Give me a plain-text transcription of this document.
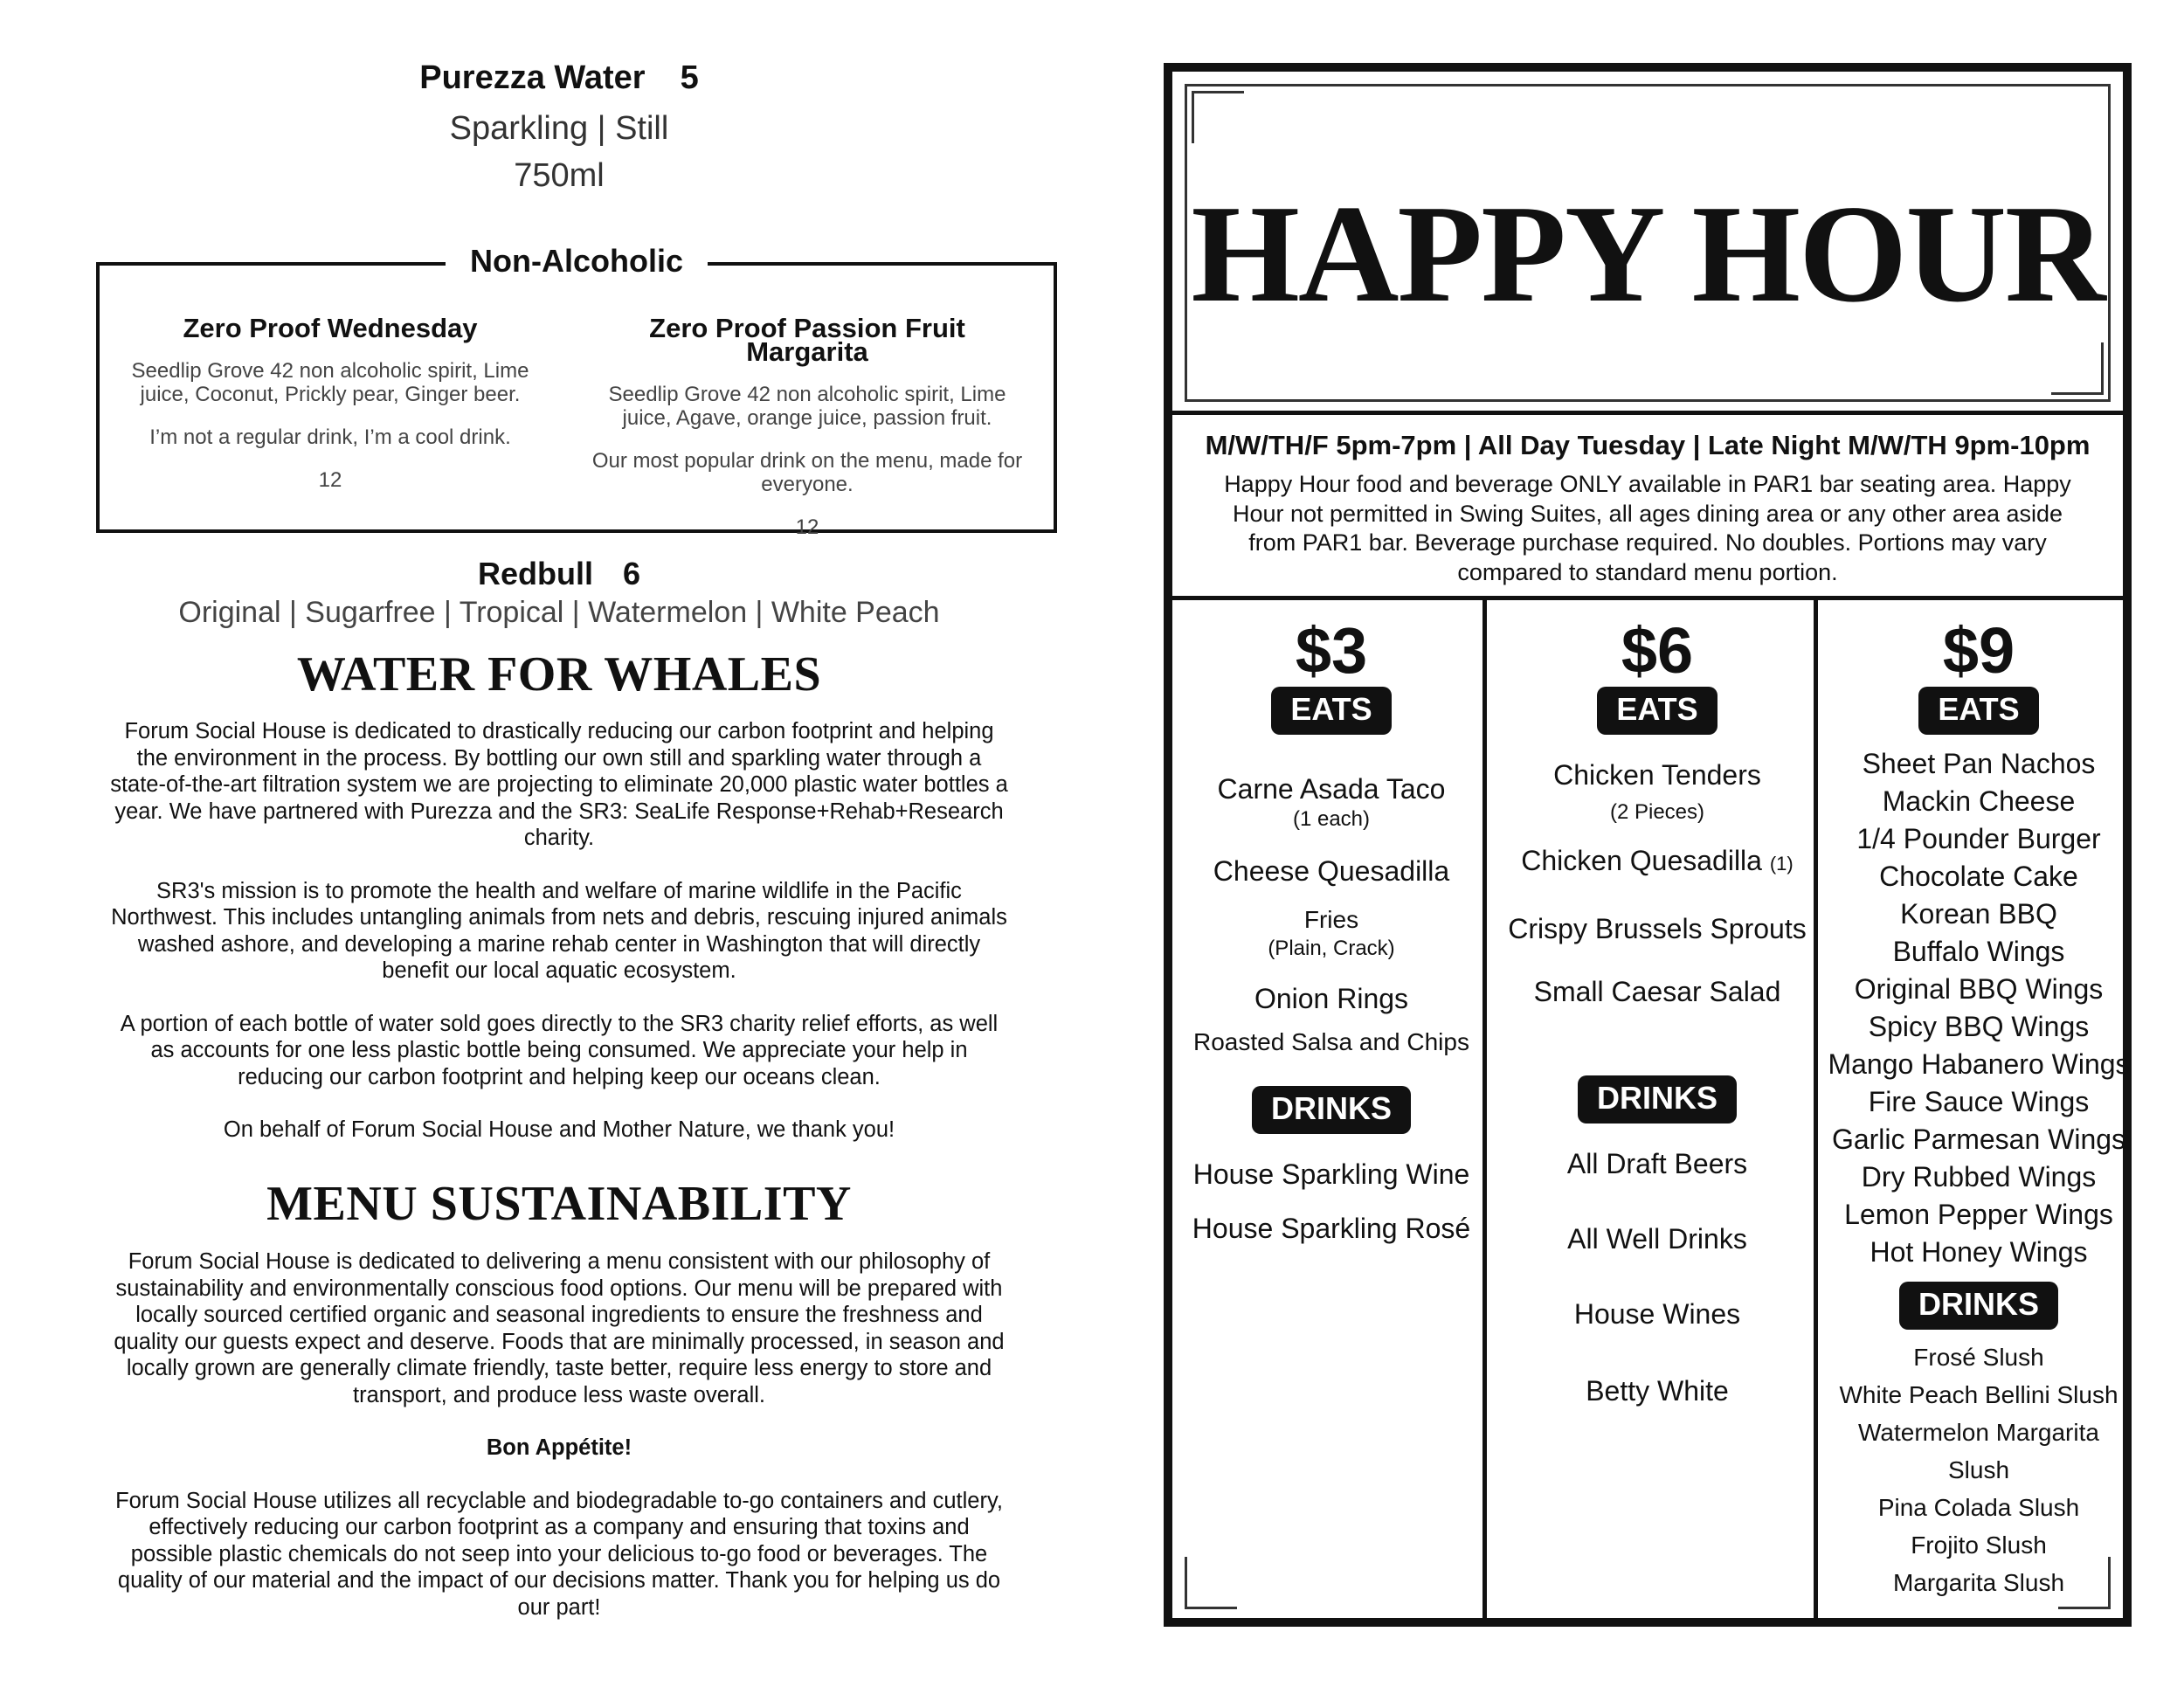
Purezza Water 5
Sparkling | Still
750ml
Non-Alcoholic
Zero Proof Wednesday
Seedlip Grove 42 non alcoholic spirit, Lime juice, Coconut, Prickly pear, Ginger beer.
I’m not a regular drink, I’m a cool drink.
12
Zero Proof Passion Fruit Margarita
Seedlip Grove 42 non alcoholic spirit, Lime juice, Agave, orange juice, passion fruit.
Our most popular drink on the menu, made for everyone.
12
Redbull 6
Original | Sugarfree | Tropical | Watermelon | White Peach
WATER FOR WHALES

Forum Social House is dedicated to drastically reducing our carbon footprint and helping the environment in the process. By bottling our own still and sparkling water through a state-of-the-art filtration system we are projecting to eliminate 20,000 plastic water bottles a year. We have partnered with Purezza and the SR3: SeaLife Response+Rehab+Research charity.

SR3's mission is to promote the health and welfare of marine wildlife in the Pacific Northwest. This includes untangling animals from nets and debris, rescuing injured animals washed ashore, and developing a marine rehab center in Washington that will directly benefit our local aquatic ecosystem.

A portion of each bottle of water sold goes directly to the SR3 charity relief efforts, as well as accounts for one less plastic bottle being consumed. We appreciate your help in reducing our carbon footprint and helping keep our oceans clean.

On behalf of Forum Social House and Mother Nature, we thank you!

MENU SUSTAINABILITY

Forum Social House is dedicated to delivering a menu consistent with our philosophy of sustainability and environmentally conscious food options. Our menu will be prepared with locally sourced certified organic and seasonal ingredients to ensure the freshness and quality our guests expect and deserve. Foods that are minimally processed, in season and locally grown are generally climate friendly, taste better, require less energy to store and transport, and produce less waste overall.

Bon Appétite!

Forum Social House utilizes all recyclable and biodegradable to-go containers and cutlery, effectively reducing our carbon footprint as a company and ensuring that toxins and possible plastic chemicals do not seep into your delicious to-go food or beverages. The quality of our material and the impact of our decisions matter. Thank you for helping us do our part!

HAPPY HOUR
M/W/TH/F 5pm-7pm | All Day Tuesday | Late Night M/W/TH 9pm-10pm
Happy Hour food and beverage ONLY available in PAR1 bar seating area. Happy Hour not permitted in Swing Suites, all ages dining area or any other area aside from PAR1 bar. Beverage purchase required. No doubles. Portions may vary compared to standard menu portion.
$3
EATS
Carne Asada Taco
(1 each)
Cheese Quesadilla
Fries
(Plain, Crack)
Onion Rings
Roasted Salsa and Chips
DRINKS
House Sparkling Wine
House Sparkling Rosé
$6
EATS
Chicken Tenders
(2 Pieces)
Chicken Quesadilla (1)
Crispy Brussels Sprouts
Small Caesar Salad
DRINKS
All Draft Beers
All Well Drinks
House Wines
Betty White
$9
EATS
Sheet Pan Nachos
Mackin Cheese
1/4 Pounder Burger
Chocolate Cake
Korean BBQ
Buffalo Wings
Original BBQ Wings
Spicy BBQ Wings
Mango Habanero Wings
Fire Sauce Wings
Garlic Parmesan Wings
Dry Rubbed Wings
Lemon Pepper Wings
Hot Honey Wings
DRINKS
Frosé Slush
White Peach Bellini Slush
Watermelon Margarita Slush
Pina Colada Slush
Frojito Slush
Margarita Slush
